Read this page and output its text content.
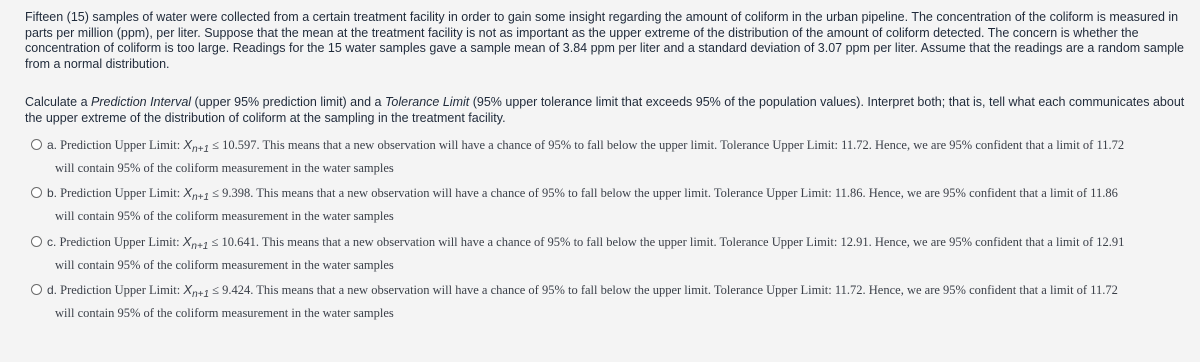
Fifteen (15) samples of water were collected from a certain treatment facility in order to gain some insight regarding the amount of coliform in the urban pipeline. The concentration of the coliform is measured in parts per million (ppm), per liter. Suppose that the mean at the treatment facility is not as important as the upper extreme of the distribution of the amount of coliform detected. The concern is whether the concentration of coliform is too large. Readings for the 15 water samples gave a sample mean of 3.84 ppm per liter and a standard deviation of 3.07 ppm per liter. Assume that the readings are a random sample from a normal distribution.

Calculate a Prediction Interval (upper 95% prediction limit) and a Tolerance Limit (95% upper tolerance limit that exceeds 95% of the population values). Interpret both; that is, tell what each communicates about the upper extreme of the distribution of coliform at the sampling in the treatment facility.

a. Prediction Upper Limit: $X_{n+1} \le 10.597$. This means that a new observation will have a chance of 95% to fall below the upper limit. Tolerance Upper Limit: 11.72. Hence, we are 95% confident that a limit of 11.72
will contain 95% of the coliform measurement in the water samples
b. Prediction Upper Limit: $X_{n+1} \le 9.398$. This means that a new observation will have a chance of 95% to fall below the upper limit. Tolerance Upper Limit: 11.86. Hence, we are 95% confident that a limit of 11.86
will contain 95% of the coliform measurement in the water samples
c. Prediction Upper Limit: $X_{n+1} \le 10.641$. This means that a new observation will have a chance of 95% to fall below the upper limit. Tolerance Upper Limit: 12.91. Hence, we are 95% confident that a limit of 12.91
will contain 95% of the coliform measurement in the water samples
d. Prediction Upper Limit: $X_{n+1} \le 9.424$. This means that a new observation will have a chance of 95% to fall below the upper limit. Tolerance Upper Limit: 11.72. Hence, we are 95% confident that a limit of 11.72
will contain 95% of the coliform measurement in the water samples
